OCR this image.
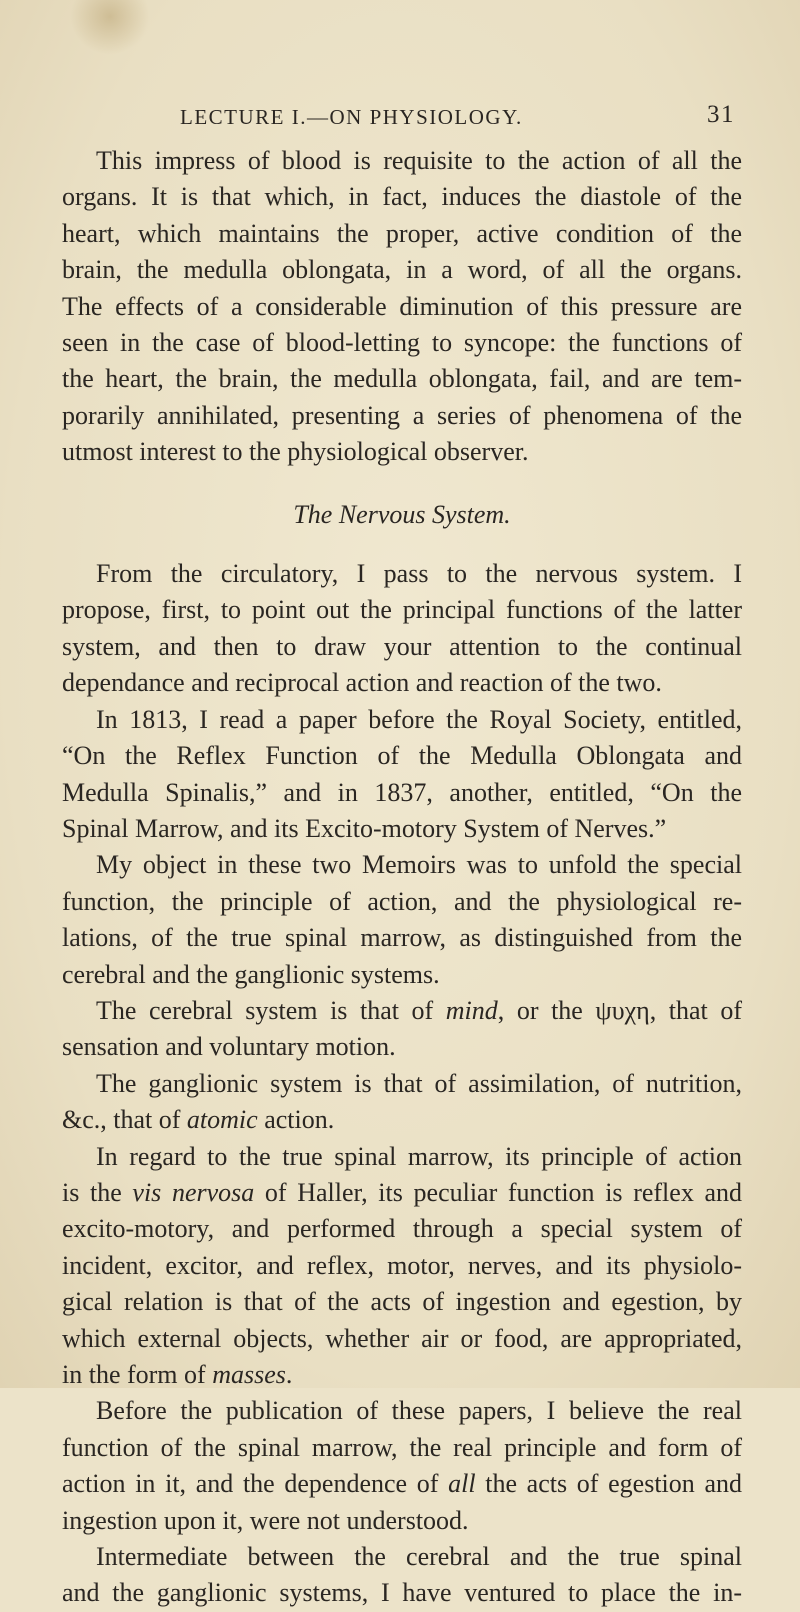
LECTURE I.—ON PHYSIOLOGY.	31

This impress of blood is requisite to the action of all the

organs. It is that which, in fact, induces the diastole of the

heart, which maintains the proper, active condition of the

brain, the medulla oblongata, in a word, of all the organs.

The effects of a considerable diminution of this pressure are

seen in the case of blood-letting to syncope: the functions of

the heart, the brain, the medulla oblongata, fail, and are tem-

porarily annihilated, presenting a series of phenomena of the

utmost interest to the physiological observer.

The Nervous System.

From the circulatory, I pass to the nervous system. I

propose, first, to point out the principal functions of the latter

system, and then to draw your attention to the continual

dependance and reciprocal action and reaction of the two.

In 1813, I read a paper before the Royal Society, entitled,

“On the Reflex Function of the Medulla Oblongata and

Medulla Spinalis,” and in 1837, another, entitled, “On the

Spinal Marrow, and its Excito-motory System of Nerves.”

My object in these two Memoirs was to unfold the special

function, the principle of action, and the physiological re-

lations, of the true spinal marrow, as distinguished from the

cerebral and the ganglionic systems.

The cerebral system is that of mind, or the ψυχη, that of

sensation and voluntary motion.

The ganglionic system is that of assimilation, of nutrition,

&c., that of atomic action.

In regard to the true spinal marrow, its principle of action

is the vis nervosa of Haller, its peculiar function is reflex and

excito-motory, and performed through a special system of

incident, excitor, and reflex, motor, nerves, and its physiolo-

gical relation is that of the acts of ingestion and egestion, by

which external objects, whether air or food, are appropriated,

in the form of masses.

Before the publication of these papers, I believe the real

function of the spinal marrow, the real principle and form of

action in it, and the dependence of all the acts of egestion and

ingestion upon it, were not understood.

Intermediate between the cerebral and the true spinal

and the ganglionic systems, I have ventured to place the in-
